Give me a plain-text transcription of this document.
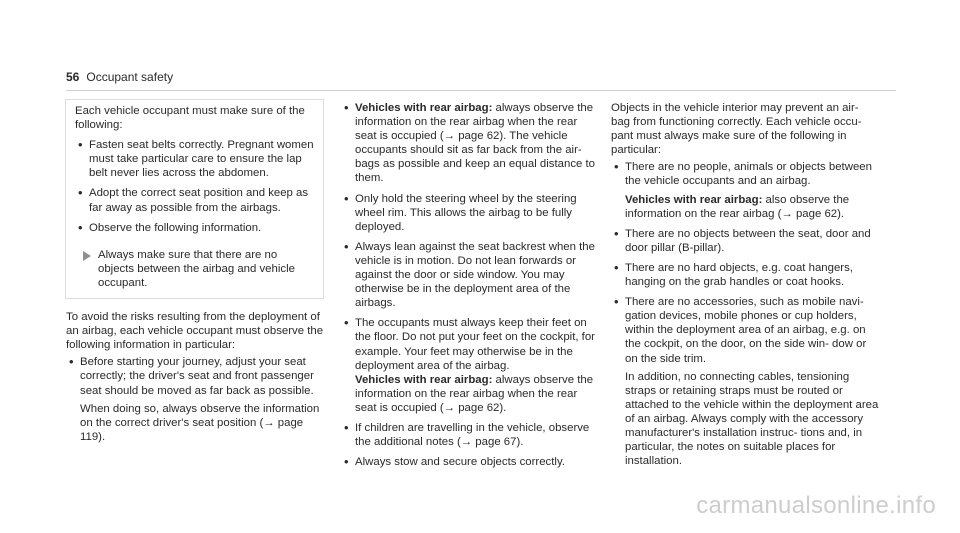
56 Occupant safety

Each vehicle occupant must make sure of the following:

• Fasten seat belts correctly. Pregnant women must take particular care to ensure the lap belt never lies across the abdomen.
• Adopt the correct seat position and keep as far away as possible from the airbags.
• Observe the following information.
Always make sure that there are no objects between the airbag and vehicle occupant.

To avoid the risks resulting from the deployment of an airbag, each vehicle occupant must observe the following information in particular:

• Before starting your journey, adjust your seat correctly; the driver's seat and front passenger seat should be moved as far back as possible.

When doing so, always observe the information on the correct driver's seat position (→ page 119).

• Vehicles with rear airbag: always observe the information on the rear airbag when the rear seat is occupied (→ page 62). The vehicle occupants should sit as far back from the air- bags as possible and keep an equal distance to them.
• Only hold the steering wheel by the steering wheel rim. This allows the airbag to be fully deployed.
• Always lean against the seat backrest when the vehicle is in motion. Do not lean forwards or against the door or side window. You may otherwise be in the deployment area of the airbags.
• The occupants must always keep their feet on the floor. Do not put your feet on the cockpit, for example. Your feet may otherwise be in the deployment area of the airbag.

Vehicles with rear airbag: always observe the information on the rear airbag when the rear seat is occupied (→ page 62).

• If children are travelling in the vehicle, observe the additional notes (→ page 67).
• Always stow and secure objects correctly.

Objects in the vehicle interior may prevent an air- bag from functioning correctly. Each vehicle occu- pant must always make sure of the following in particular:

• There are no people, animals or objects between the vehicle occupants and an airbag.

Vehicles with rear airbag: also observe the information on the rear airbag (→ page 62).

• There are no objects between the seat, door and door pillar (B-pillar).
• There are no hard objects, e.g. coat hangers, hanging on the grab handles or coat hooks.
• There are no accessories, such as mobile navi- gation devices, mobile phones or cup holders, within the deployment area of an airbag, e.g. on the cockpit, on the door, on the side win- dow or on the side trim.

In addition, no connecting cables, tensioning straps or retaining straps must be routed or attached to the vehicle within the deployment area of an airbag. Always comply with the accessory manufacturer's installation instruc- tions and, in particular, the notes on suitable places for installation.

carmanualsonline.info
